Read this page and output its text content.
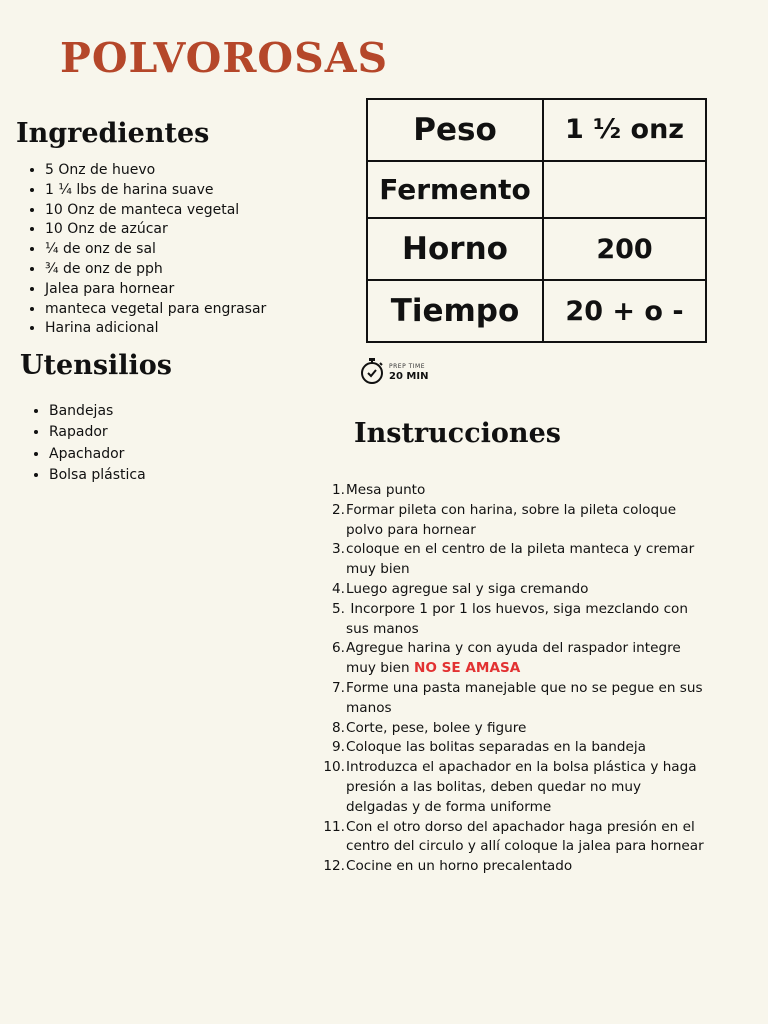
POLVOROSAS
Ingredientes
• 5 Onz de huevo
• 1 ¼ lbs de harina suave
• 10 Onz de manteca vegetal
• 10 Onz de azúcar
• ¼ de onz de sal
• ¾ de onz de pph
• Jalea para hornear
• manteca vegetal para engrasar
• Harina adicional
Utensilios
• Bandejas
• Rapador
• Apachador
• Bolsa plástica
Peso	1 ½ onz
Fermento	
Horno	200
Tiempo	20 + o -
PREP TIME
20 MIN
Instrucciones
1. Mesa punto
2. Formar pileta con harina, sobre la pileta coloque polvo para hornear
3. coloque en el centro de la pileta manteca y cremar muy bien
4. Luego agregue sal y siga cremando
5. Incorpore 1 por 1 los huevos, siga mezclando con sus manos
6. Agregue harina y con ayuda del raspador integre muy bien NO SE AMASA
7. Forme una pasta manejable que no se pegue en sus manos
8. Corte, pese, bolee y figure
9. Coloque las bolitas separadas en la bandeja
10. Introduzca el apachador en la bolsa plástica y haga presión a las bolitas, deben quedar no muy delgadas y de forma uniforme
11. Con el otro dorso del apachador haga presión en el centro del circulo y allí coloque la jalea para hornear
12. Cocine en un horno precalentado
